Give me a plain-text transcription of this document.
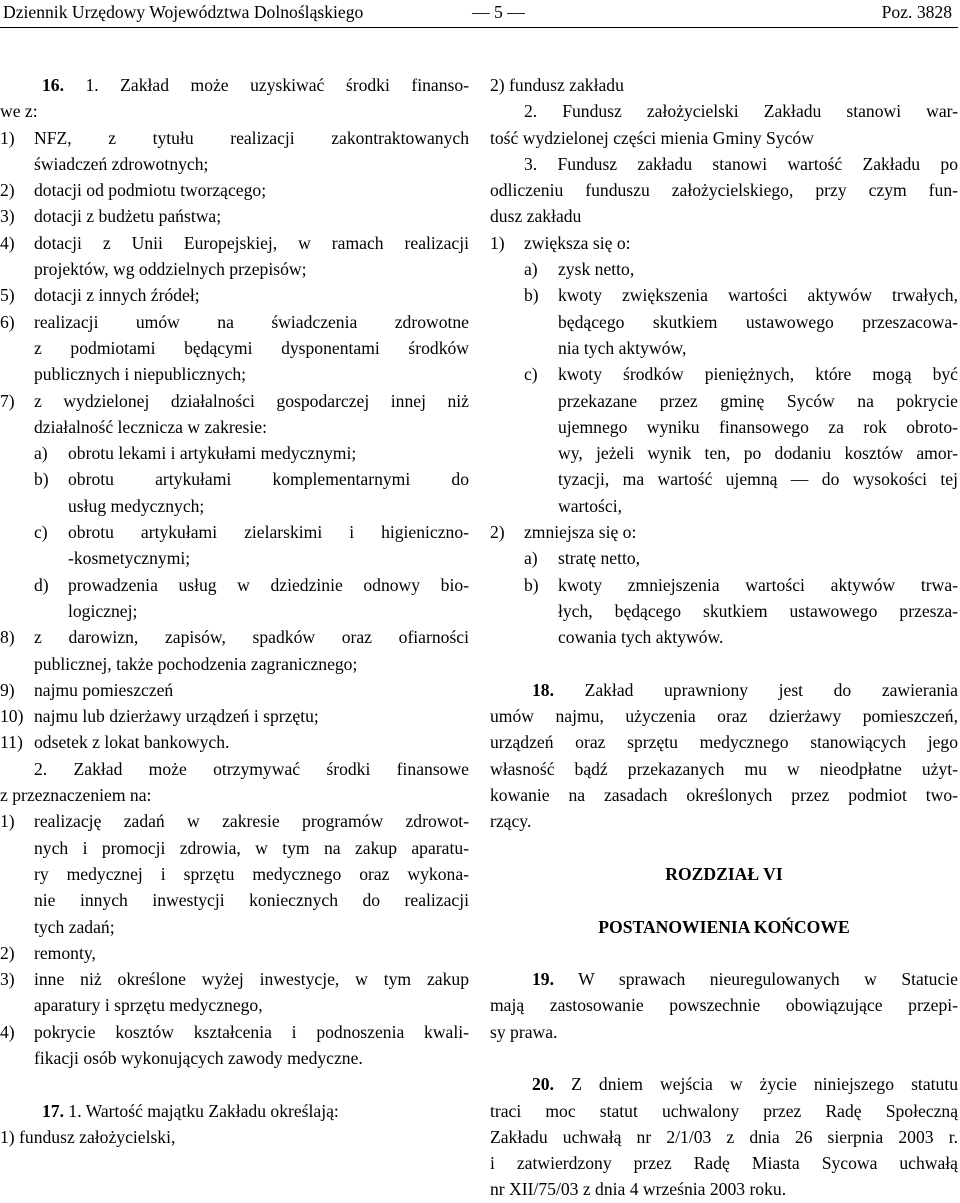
Dziennik Urzędowy Województwa Dolnośląskiego	— 5 —	Poz. 3828
16. 1. Zakład może uzyskiwać środki finanso-
we z:
1) NFZ, z tytułu realizacji zakontraktowanych
świadczeń zdrowotnych;
2) dotacji od podmiotu tworzącego;
3) dotacji z budżetu państwa;
4) dotacji z Unii Europejskiej, w ramach realizacji
projektów, wg oddzielnych przepisów;
5) dotacji z innych źródeł;
6) realizacji umów na świadczenia zdrowotne
z podmiotami będącymi dysponentami środków
publicznych i niepublicznych;
7) z wydzielonej działalności gospodarczej innej niż
działalność lecznicza w zakresie:
a) obrotu lekami i artykułami medycznymi;
b) obrotu artykułami komplementarnymi do
usług medycznych;
c) obrotu artykułami zielarskimi i higieniczno-
-kosmetycznymi;
d) prowadzenia usług w dziedzinie odnowy bio-
logicznej;
8) z darowizn, zapisów, spadków oraz ofiarności
publicznej, także pochodzenia zagranicznego;
9) najmu pomieszczeń
10) najmu lub dzierżawy urządzeń i sprzętu;
11) odsetek z lokat bankowych.
2. Zakład może otrzymywać środki finansowe
z przeznaczeniem na:
1) realizację zadań w zakresie programów zdrowot-
nych i promocji zdrowia, w tym na zakup aparatu-
ry medycznej i sprzętu medycznego oraz wykona-
nie innych inwestycji koniecznych do realizacji
tych zadań;
2) remonty,
3) inne niż określone wyżej inwestycje, w tym zakup
aparatury i sprzętu medycznego,
4) pokrycie kosztów kształcenia i podnoszenia kwali-
fikacji osób wykonujących zawody medyczne.
17. 1. Wartość majątku Zakładu określają:
1) fundusz założycielski,
2) fundusz zakładu
2. Fundusz założycielski Zakładu stanowi war-
tość wydzielonej części mienia Gminy Syców
3. Fundusz zakładu stanowi wartość Zakładu po
odliczeniu funduszu założycielskiego, przy czym fun-
dusz zakładu
1) zwiększa się o:
a) zysk netto,
b) kwoty zwiększenia wartości aktywów trwałych,
będącego skutkiem ustawowego przeszacowa-
nia tych aktywów,
c) kwoty środków pieniężnych, które mogą być
przekazane przez gminę Syców na pokrycie
ujemnego wyniku finansowego za rok obroto-
wy, jeżeli wynik ten, po dodaniu kosztów amor-
tyzacji, ma wartość ujemną — do wysokości tej
wartości,
2) zmniejsza się o:
a) stratę netto,
b) kwoty zmniejszenia wartości aktywów trwa-
łych, będącego skutkiem ustawowego przesza-
cowania tych aktywów.
18. Zakład uprawniony jest do zawierania
umów najmu, użyczenia oraz dzierżawy pomieszczeń,
urządzeń oraz sprzętu medycznego stanowiących jego
własność bądź przekazanych mu w nieodpłatne użyt-
kowanie na zasadach określonych przez podmiot two-
rzący.
ROZDZIAŁ VI
POSTANOWIENIA KOŃCOWE
19. W sprawach nieuregulowanych w Statucie
mają zastosowanie powszechnie obowiązujące przepi-
sy prawa.
20. Z dniem wejścia w życie niniejszego statutu
traci moc statut uchwalony przez Radę Społeczną
Zakładu uchwałą nr 2/1/03 z dnia 26 sierpnia 2003 r.
i zatwierdzony przez Radę Miasta Sycowa uchwałą
nr XII/75/03 z dnia 4 września 2003 roku.
